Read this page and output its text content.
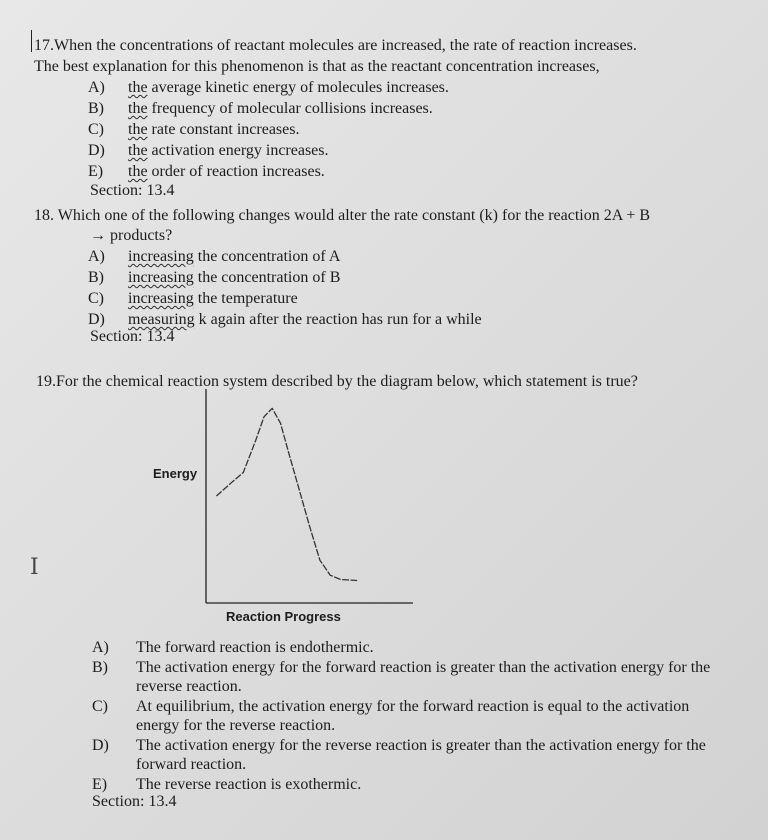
17.When the concentrations of reactant molecules are increased, the rate of reaction increases.
The best explanation for this phenomenon is that as the reactant concentration increases,
A) the average kinetic energy of molecules increases.
B) the frequency of molecular collisions increases.
C) the rate constant increases.
D) the activation energy increases.
E) the order of reaction increases.
Section: 13.4
18. Which one of the following changes would alter the rate constant (k) for the reaction 2A + B
→ products?
A) increasing the concentration of A
B) increasing the concentration of B
C) increasing the temperature
D) measuring k again after the reaction has run for a while
Section: 13.4
19.For the chemical reaction system described by the diagram below, which statement is true?
I
Energy
Reaction Progress
A) The forward reaction is endothermic.
B) The activation energy for the forward reaction is greater than the activation energy for the reverse reaction.
C) At equilibrium, the activation energy for the forward reaction is equal to the activation energy for the reverse reaction.
D) The activation energy for the reverse reaction is greater than the activation energy for the forward reaction.
E) The reverse reaction is exothermic.
Section: 13.4
